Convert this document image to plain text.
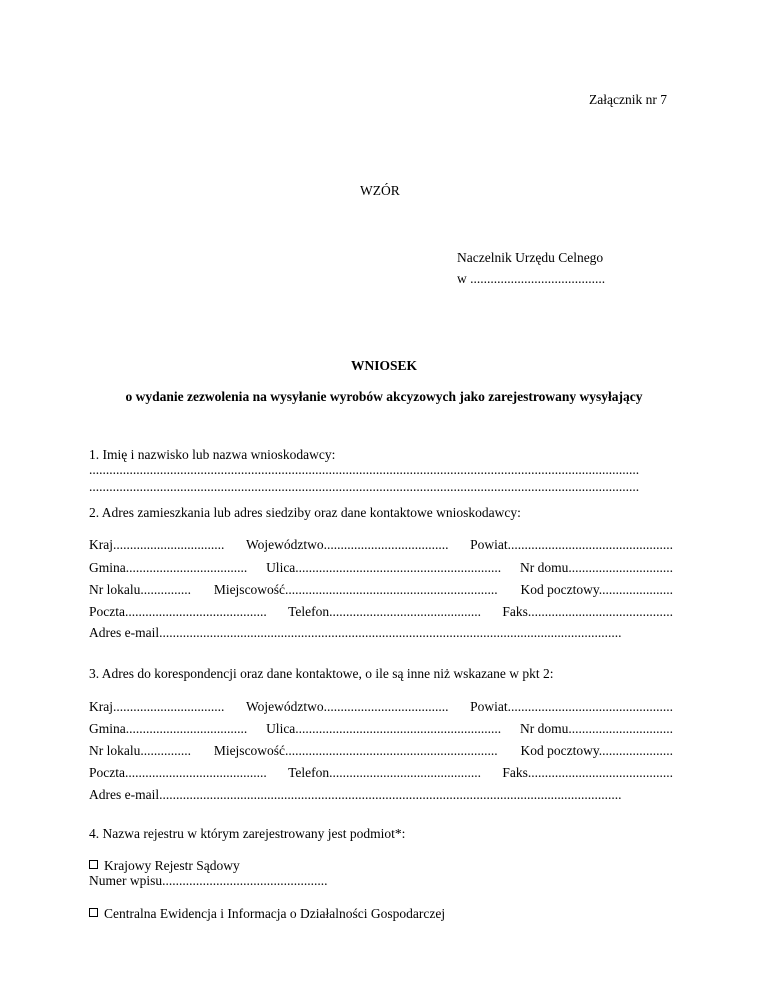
Załącznik nr 7
WZÓR
Naczelnik Urzędu Celnego
w ........................................
WNIOSEK
o wydanie zezwolenia na wysyłanie wyrobów akcyzowych jako zarejestrowany wysyłający
1. Imię i nazwisko lub nazwa wnioskodawcy:
...................................................................................................................................................................
...................................................................................................................................................................
2. Adres zamieszkania lub adres siedziby oraz dane kontaktowe wnioskodawcy:
Kraj................................. Województwo..................................... Powiat.................................................
Gmina.................................... Ulica............................................................. Nr domu...............................
Nr lokalu............... Miejscowość............................................................... Kod pocztowy......................
Poczta.......................................... Telefon............................................. Faks...........................................
Adres e-mail.........................................................................................................................................
3. Adres do korespondencji oraz dane kontaktowe, o ile są inne niż wskazane w pkt 2:
Kraj................................. Województwo..................................... Powiat.................................................
Gmina.................................... Ulica............................................................. Nr domu...............................
Nr lokalu............... Miejscowość............................................................... Kod pocztowy......................
Poczta.......................................... Telefon............................................. Faks...........................................
Adres e-mail.........................................................................................................................................
4. Nazwa rejestru w którym zarejestrowany jest podmiot*:
Krajowy Rejestr Sądowy
Numer wpisu.................................................
Centralna Ewidencja i Informacja o Działalności Gospodarczej
